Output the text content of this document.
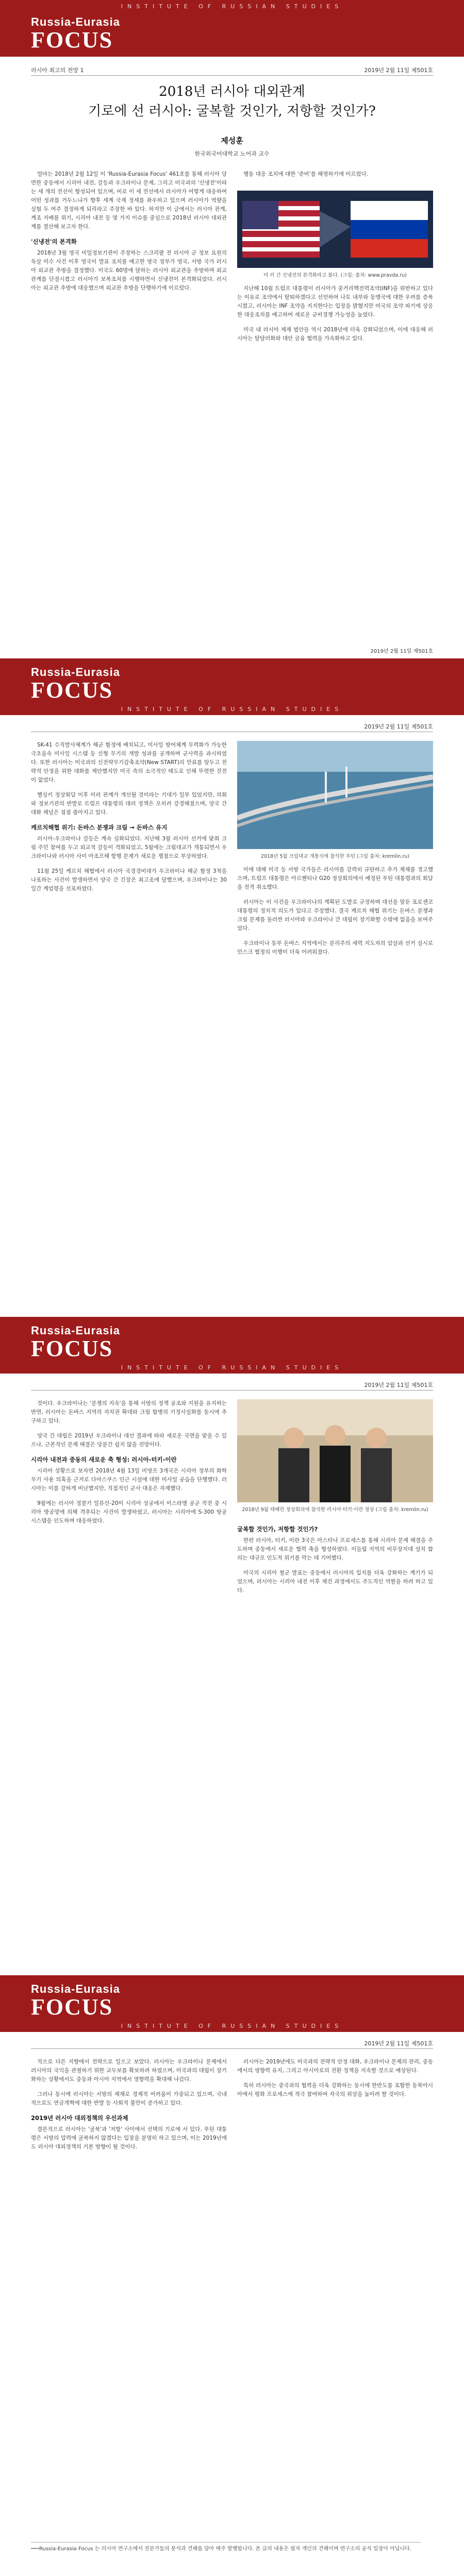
INSTITUTE OF RUSSIAN STUDIES
Russia-Eurasia
FOCUS
러시아 최고의 전망 1	2019년 2월 11일 제501호
2018년 러시아 대외관계
기로에 선 러시아: 굴복할 것인가, 저항할 것인가?
제성훈
한국외국어대학교 노어과 교수

얼마는 2018년 2월 12일 이 'Russia-Eurasia Focus' 461호를 통해 러시아 당면한 중동에서 시리아 내전, 갈등과 우크라이나 문제, 그리고 미국과의 '신냉전'이라는 세 개의 전선이 형성되어 있으며, 비로 이 세 전선에서 러시아가 어떻게 대응하여 어떤 성과를 거두느냐가 향후 세계 국제 정세를 좌우하고 있으며 러시아가 역량을 실험 두 여주 결정하게 되리라고 주장한 바 있다. 하지만 이 글에서는 러시아 관계, 계조 지배를 위기, 시리아 내전 등 몇 가지 이슈를 중심으로 2018년 러시아 대외관계를 결산해 보고자 한다.

'신냉전'의 본격화

2018년 3월 영국 비밀정보기관이 주장하는 스크리팔 전 러시아 군 정보 요원의 독살 미수 사건 이후 영국이 발표 조치를 예고한 영국 정부가 영국, 서방 국가 러시아 외교관 추방을 결정했다. 미국도 60명에 달하는 러시아 외교관을 추방하며 외교 관계를 단절시켰고 러시아가 보복조치를 시행하면서 신냉전이 본격화되었다. 러시아는 외교관 추방에 대응했으며 외교관 추방을 단행하기에 이르렀다.

행동 대응 조치에 대한 '준비'를 해명하기에 이르렀다.

미 러 간 신냉전의 본격화라고 볼다. (그림: 출처: www.pravda.ru)

지난해 10월 트럼프 대통령이 러시아가 중거리핵전력조약(INF)을 위반하고 있다는 이유로 조약에서 탈퇴하겠다고 선언하여 나토 내부와 동맹국에 대한 우려를 증폭시켰고, 러시아는 INF 조약을 지지한다는 입장을 밝혔지만 미국의 조약 파기에 상응한 대응조치를 예고하여 새로운 군비경쟁 가능성을 높였다.

미국 내 러시아 제재 법안들 역시 2018년에 더욱 강화되었으며, 이에 대응해 러시아는 탈달러화와 대안 금융 협력을 가속화하고 있다.

2019년 2월 11일 제501호
Russia-Eurasia
FOCUS
INSTITUTE OF RUSSIAN STUDIES
2019년 2월 11일 제501호

SK-41 수직발사체계가 해군 함정에 배치되고, 미사일 방어체계 무력화가 가능한 극초음속 미사일 시스템 등 신형 무기의 개발 성과를 공개하며 군사력을 과시하였다. 또한 러시아는 미국과의 신전략무기감축조약(New START)의 만료를 앞두고 전략적 안정을 위한 대화를 제안했지만 미국 측의 소극적인 태도로 인해 뚜렷한 진전이 없었다.

헬싱키 정상회담 이후 미러 관계가 개선될 것이라는 기대가 일부 있었지만, 의회와 정보기관의 반발로 트럼프 대통령의 대러 정책은 오히려 강경해졌으며, 양국 간 대화 채널은 점점 좁아지고 있다.

케르치해협 위기: 돈바스 분쟁과 크림 → 돈바스 유지

러시아-우크라이나 갈등은 계속 심화되었다. 지난해 3월 러시아 선거에 맞춰 크림 주민 참여를 두고 외교적 갈등이 격화되었고, 5월에는 크림대교가 개통되면서 우크라이나와 러시아 사이 아조프해 항행 문제가 새로운 쟁점으로 부상하였다.

11월 25일 케르치 해협에서 러시아 국경경비대가 우크라이나 해군 함정 3척을 나포하는 사건이 발생하면서 양국 간 긴장은 최고조에 달했으며, 우크라이나는 30일간 계엄령을 선포하였다.

2018년 5월 크림대교 개통식에 참석한 푸틴 (그림 출처: kremlin.ru)

이에 대해 미국 등 서방 국가들은 러시아를 강력히 규탄하고 추가 제재를 경고했으며, 트럼프 대통령은 아르헨티나 G20 정상회의에서 예정된 푸틴 대통령과의 회담을 전격 취소했다.

러시아는 이 사건을 우크라이나의 계획된 도발로 규정하며 대선을 앞둔 포로셴코 대통령의 정치적 의도가 있다고 주장했다. 결국 케르치 해협 위기는 돈바스 분쟁과 크림 문제를 둘러싼 러시아와 우크라이나 간 대립이 장기화할 수밖에 없음을 보여주었다.

우크라이나 동부 돈바스 지역에서는 분리주의 세력 지도자의 암살과 선거 실시로 민스크 협정의 이행이 더욱 어려워졌다.

Russia-Eurasia
FOCUS
INSTITUTE OF RUSSIAN STUDIES
2019년 2월 11일 제501호

것이다. 우크라이나는 '분쟁의 지속'을 통해 서방의 정책 공조와 지원을 유지하는 반면, 러시아는 돈바스 지역의 자치권 확대와 크림 합병의 기정사실화를 동시에 추구하고 있다.

양국 간 대립은 2019년 우크라이나 대선 결과에 따라 새로운 국면을 맞을 수 있으나, 근본적인 문제 해결은 당분간 쉽지 않을 전망이다.

시리아 내전과 중동의 새로운 축 형성: 러시아-터키-이란

시리아 상황으로 보자면 2018년 4월 13일 미영프 3개국은 시리아 정부의 화학무기 사용 의혹을 근거로 다마스쿠스 인근 시설에 대한 미사일 공습을 단행했다. 러시아는 이를 강하게 비난했지만, 직접적인 군사 대응은 자제했다.

9월에는 러시아 정찰기 일류신-20이 시리아 상공에서 이스라엘 공군 작전 중 시리아 방공망에 의해 격추되는 사건이 발생하였고, 러시아는 시리아에 S-300 방공 시스템을 인도하며 대응하였다.

2018년 9월 테헤란 정상회의에 참석한 러시아·터키·이란 정상 (그림 출처: kremlin.ru)
굴복할 것인가, 저항할 것인가?

한편 러시아, 터키, 이란 3국은 아스타나 프로세스를 통해 시리아 문제 해결을 주도하며 중동에서 새로운 협력 축을 형성하였다. 이들립 지역의 비무장지대 설치 합의는 대규모 인도적 위기를 막는 데 기여했다.

미국의 시리아 철군 발표는 중동에서 러시아의 입지를 더욱 강화하는 계기가 되었으며, 러시아는 시리아 내전 이후 재건 과정에서도 주도적인 역할을 하려 하고 있다.

Russia-Eurasia
FOCUS
INSTITUTE OF RUSSIAN STUDIES
2019년 2월 11일 제501호

적으로 다른 지향에서 전략으로 일으고 보았다. 러시아는 우크라이나 문제에서 러시아의 국익을 관철하기 위한 교두보를 확보하려 하였으며, 미국과의 대립이 장기화하는 상황에서도 중동과 아시아 지역에서 영향력을 확대해 나갔다.

그러나 동시에 러시아는 서방의 제재로 경제적 어려움이 가중되고 있으며, 국내적으로도 연금개혁에 대한 반발 등 사회적 불만이 증가하고 있다.

2019년 러시아 대외정책의 우선과제

결론적으로 러시아는 '굴복'과 '저항' 사이에서 선택의 기로에 서 있다. 푸틴 대통령은 서방의 압력에 굴복하지 않겠다는 입장을 분명히 하고 있으며, 이는 2019년에도 러시아 대외정책의 기본 방향이 될 것이다.

러시아는 2019년에도 미국과의 전략적 안정 대화, 우크라이나 문제의 관리, 중동에서의 영향력 유지, 그리고 아시아로의 전환 정책을 지속할 것으로 예상된다.

특히 러시아는 중국과의 협력을 더욱 강화하는 동시에 한반도를 포함한 동북아시아에서 평화 프로세스에 적극 참여하여 자국의 위상을 높이려 할 것이다.

― Russia-Eurasia Focus 는 러시아 연구소에서 전문가들의 분석과 견해를 담아 매주 발행합니다. 본 글의 내용은 필자 개인의 견해이며 연구소의 공식 입장이 아닙니다.
